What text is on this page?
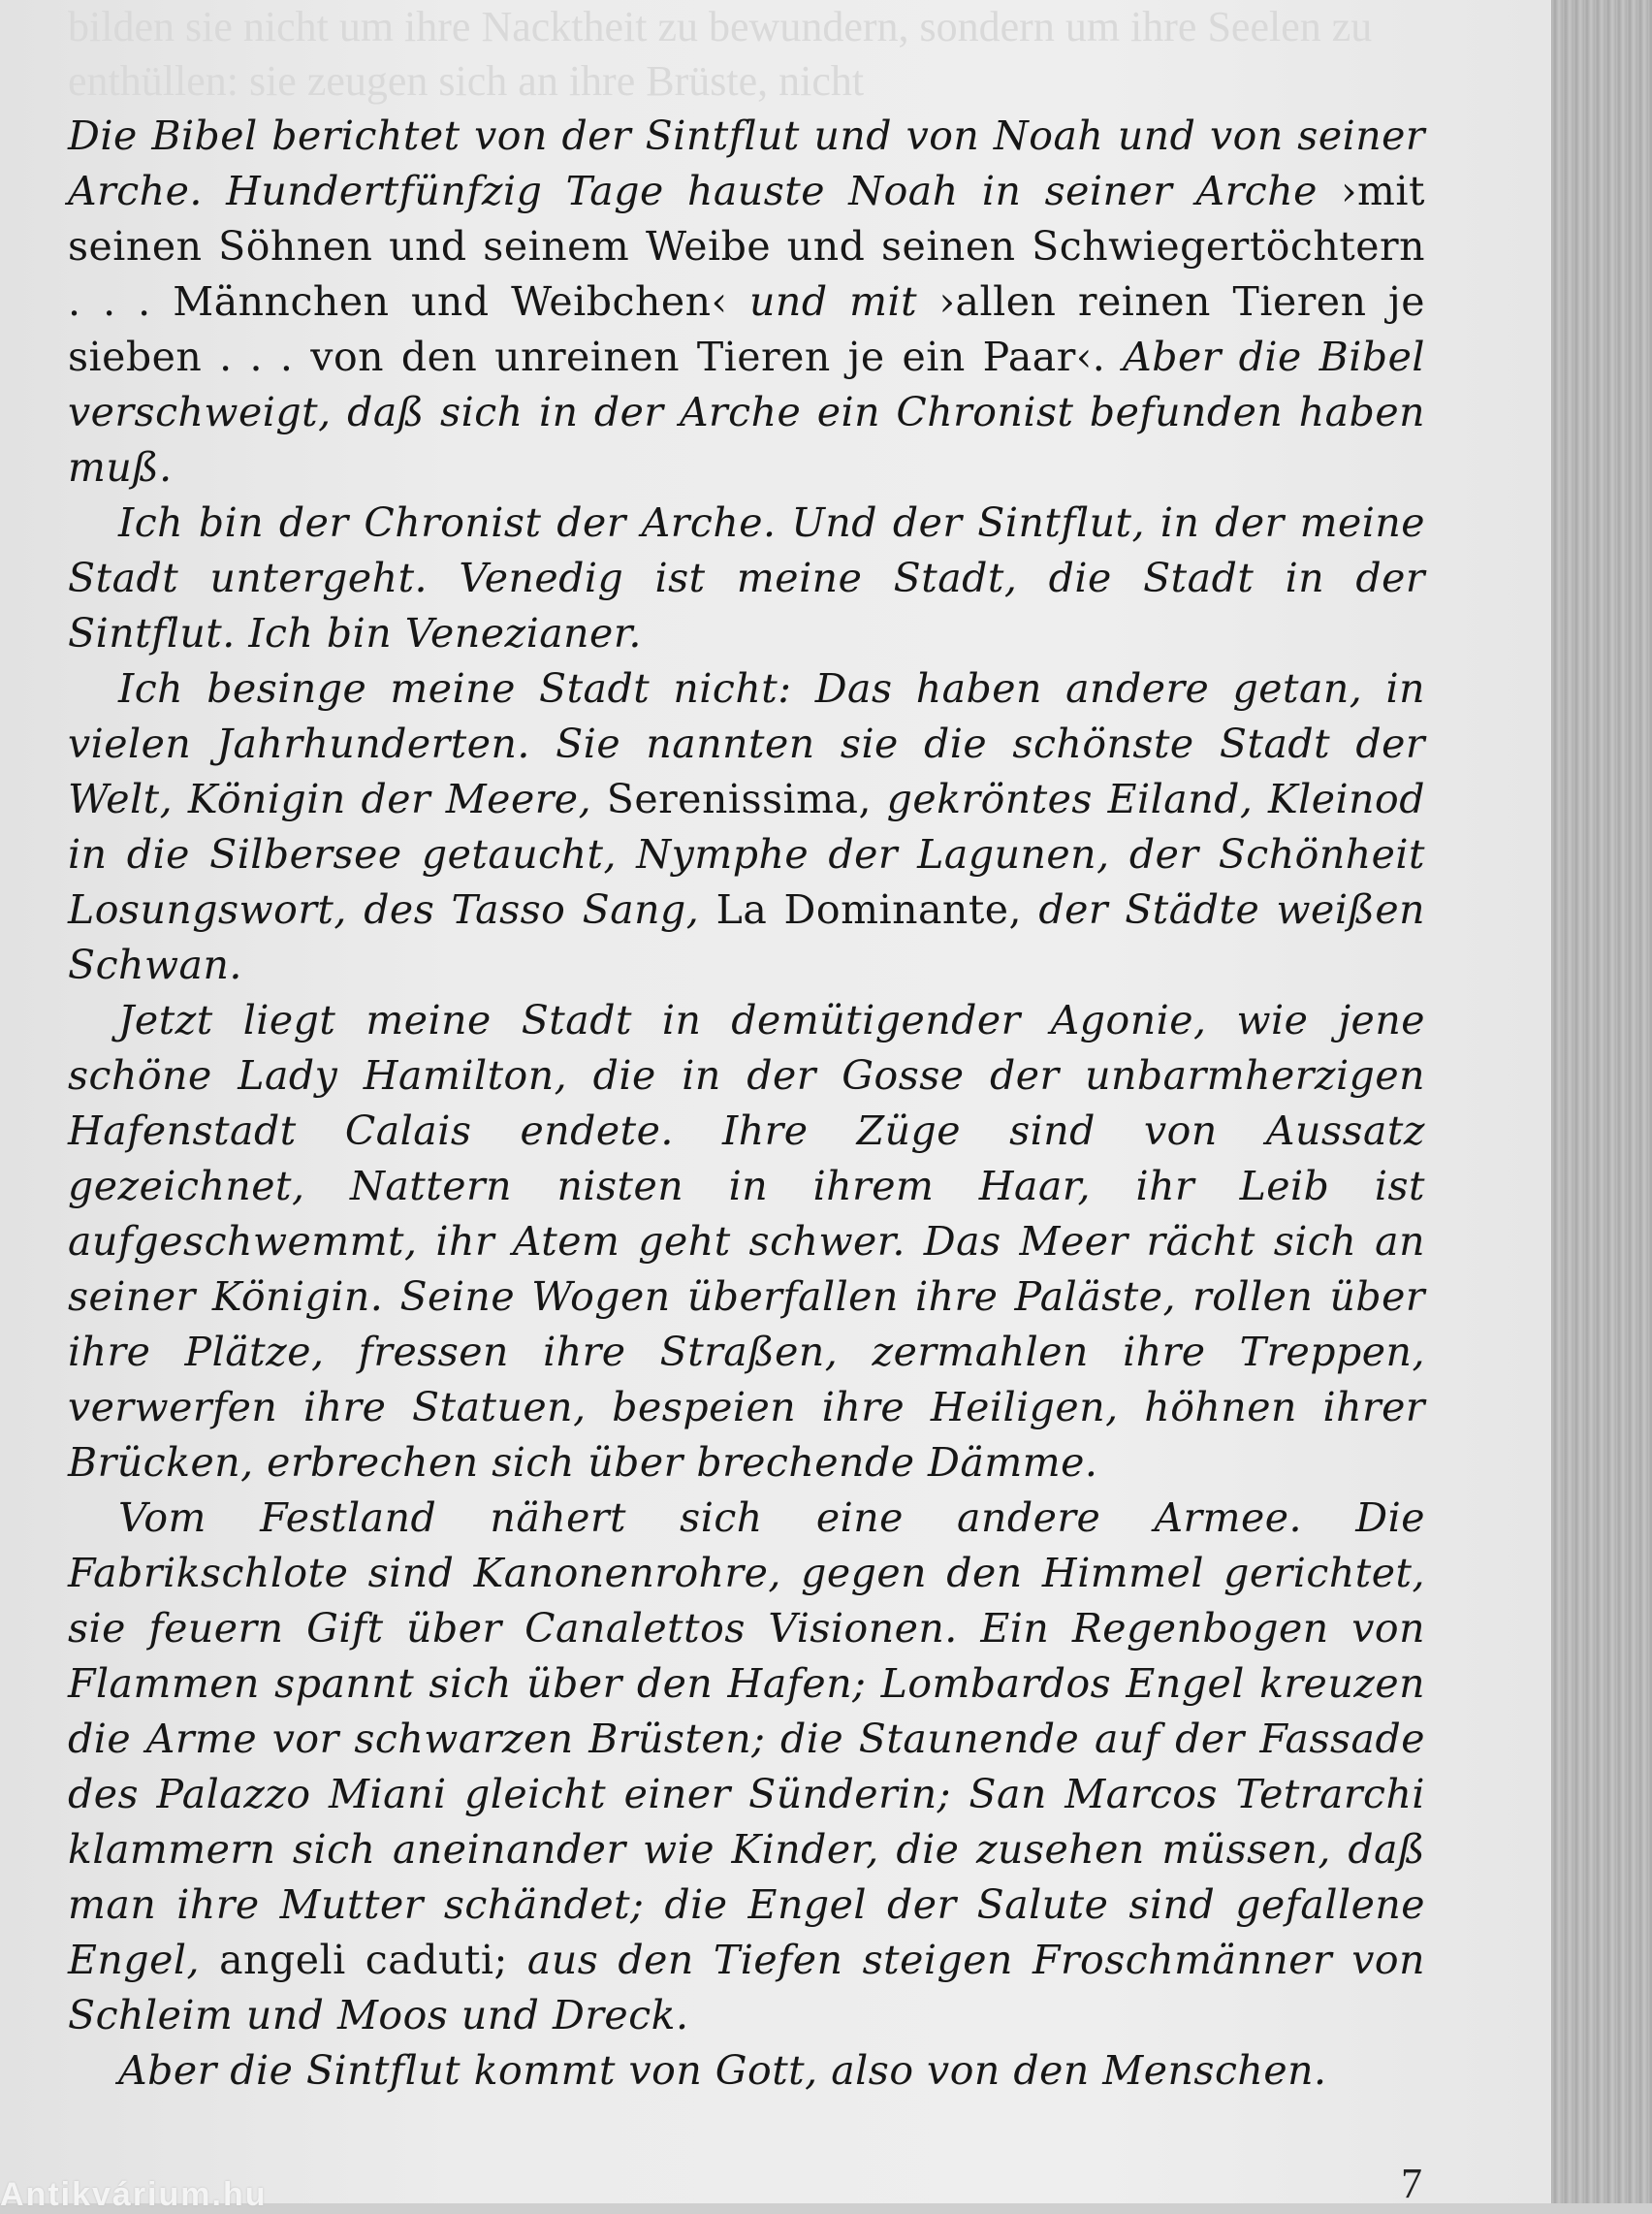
bilden sie nicht um ihre Nacktheit zu bewundern, sondern um ihre Seelen zu enthüllen: sie zeugen sich an ihre Brüste, nicht

Die Bibel berichtet von der Sintflut und von Noah und von seiner Arche. Hundertfünfzig Tage hauste Noah in seiner Arche ›mit seinen Söhnen und seinem Weibe und seinen Schwiegertöchtern . . . Männchen und Weibchen‹ und mit ›allen reinen Tieren je sieben . . . von den unreinen Tieren je ein Paar‹. Aber die Bibel verschweigt, daß sich in der Arche ein Chronist befunden haben muß.

Ich bin der Chronist der Arche. Und der Sintflut, in der meine Stadt untergeht. Venedig ist meine Stadt, die Stadt in der Sintflut. Ich bin Venezianer.

Ich besinge meine Stadt nicht: Das haben andere getan, in vielen Jahrhunderten. Sie nannten sie die schönste Stadt der Welt, Königin der Meere, Serenissima, gekröntes Eiland, Kleinod in die Silbersee getaucht, Nymphe der Lagunen, der Schönheit Losungswort, des Tasso Sang, La Dominante, der Städte weißen Schwan.

Jetzt liegt meine Stadt in demütigender Agonie, wie jene schöne Lady Hamilton, die in der Gosse der unbarmherzigen Hafenstadt Calais endete. Ihre Züge sind von Aussatz gezeichnet, Nattern nisten in ihrem Haar, ihr Leib ist aufgeschwemmt, ihr Atem geht schwer. Das Meer rächt sich an seiner Königin. Seine Wogen überfallen ihre Paläste, rollen über ihre Plätze, fressen ihre Straßen, zermahlen ihre Treppen, verwerfen ihre Statuen, bespeien ihre Heiligen, höhnen ihrer Brücken, erbrechen sich über brechende Dämme.

Vom Festland nähert sich eine andere Armee. Die Fabrikschlote sind Kanonenrohre, gegen den Himmel gerichtet, sie feuern Gift über Canalettos Visionen. Ein Regenbogen von Flammen spannt sich über den Hafen; Lombardos Engel kreuzen die Arme vor schwarzen Brüsten; die Staunende auf der Fassade des Palazzo Miani gleicht einer Sünderin; San Marcos Tetrarchi klammern sich aneinander wie Kinder, die zusehen müssen, daß man ihre Mutter schändet; die Engel der Salute sind gefallene Engel, angeli caduti; aus den Tiefen steigen Froschmänner von Schleim und Moos und Dreck.

Aber die Sintflut kommt von Gott, also von den Menschen.

7

Antikvárium.hu
